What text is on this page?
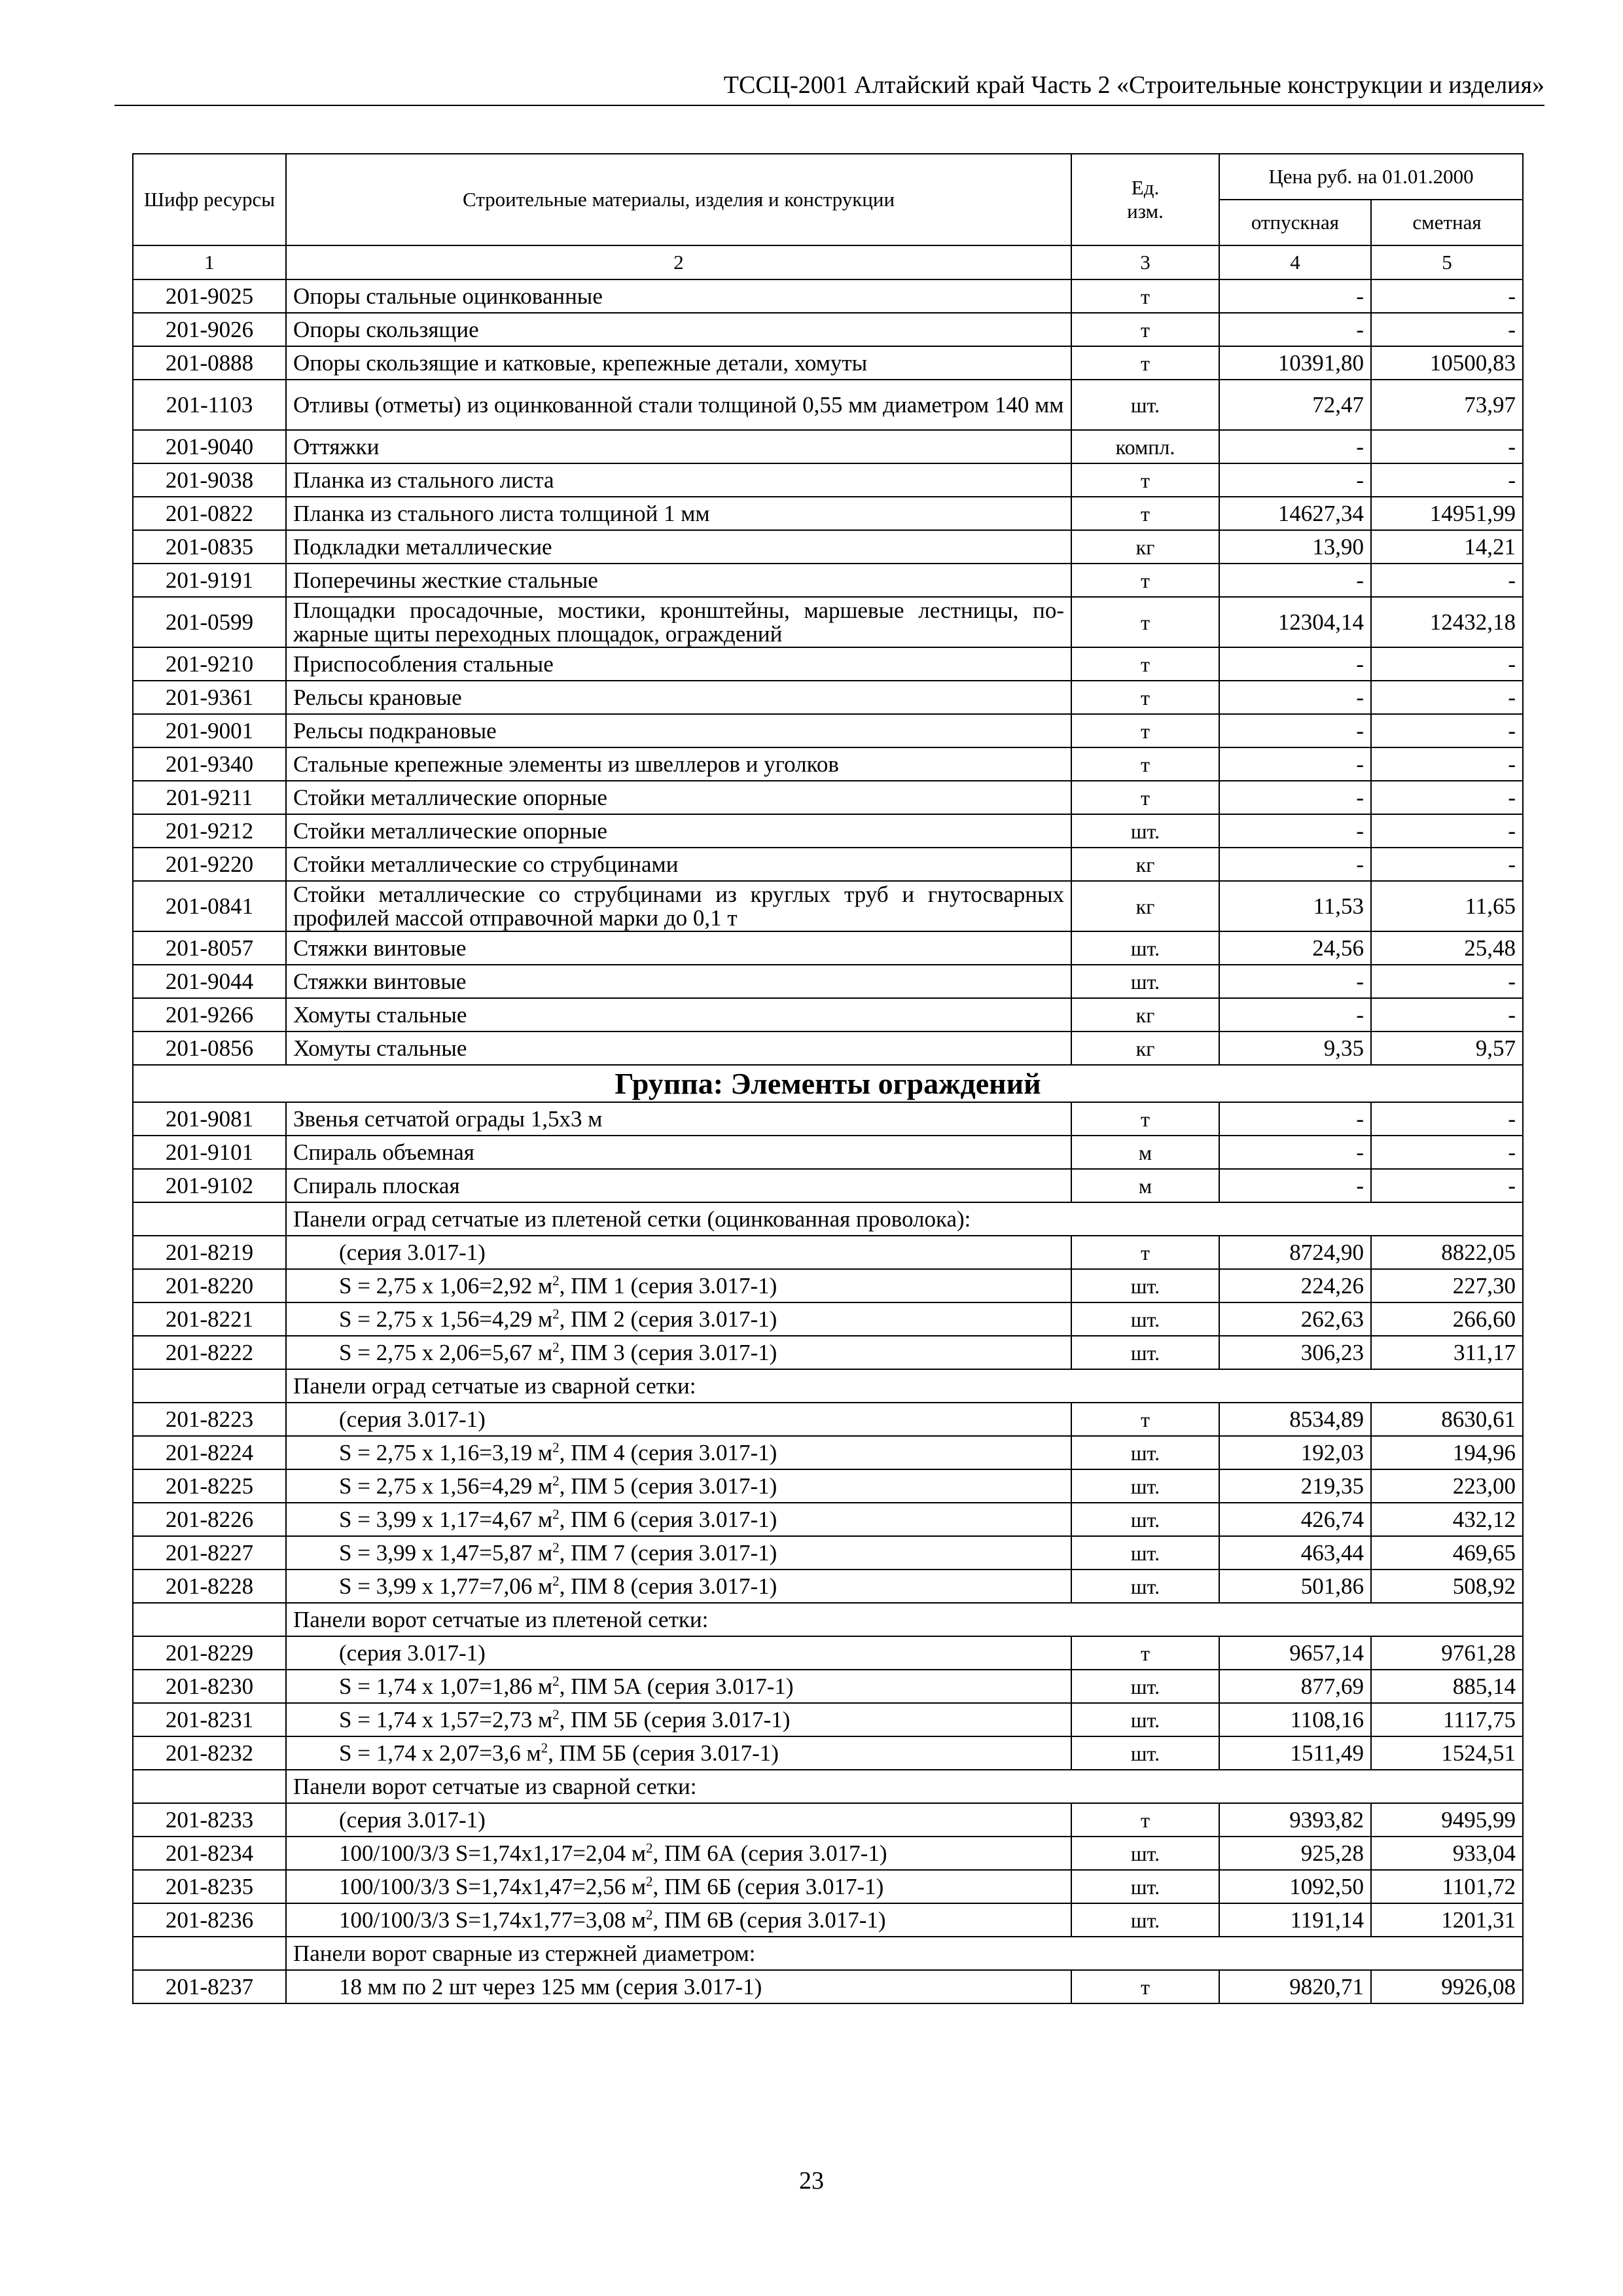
ТССЦ-2001 Алтайский край Часть 2 «Строительные конструкции и изделия»
Шифр ресурсы	Строительные материалы, изделия и конструкции	Ед. изм.	Цена руб. на 01.01.2000	
			отпускная	сметная
1	2	3	4	5
201-9025	Опоры стальные оцинкованные	т	-	-
201-9026	Опоры скользящие	т	-	-
201-0888	Опоры скользящие и катковые, крепежные детали, хомуты	т	10391,80	10500,83
201-1103	Отливы (отметы) из оцинкованной стали толщиной 0,55 мм диаметром 140 мм	шт.	72,47	73,97
201-9040	Оттяжки	компл.	-	-
201-9038	Планка из стального листа	т	-	-
201-0822	Планка из стального листа толщиной 1 мм	т	14627,34	14951,99
201-0835	Подкладки металлические	кг	13,90	14,21
201-9191	Поперечины жесткие стальные	т	-	-
201-0599	Площадки просадочные, мостики, кронштейны, маршевые лестницы, по-жарные щиты переходных площадок, ограждений	т	12304,14	12432,18
201-9210	Приспособления стальные	т	-	-
201-9361	Рельсы крановые	т	-	-
201-9001	Рельсы подкрановые	т	-	-
201-9340	Стальные крепежные элементы из швеллеров и уголков	т	-	-
201-9211	Стойки металлические опорные	т	-	-
201-9212	Стойки металлические опорные	шт.	-	-
201-9220	Стойки металлические со струбцинами	кг	-	-
201-0841	Стойки металлические со струбцинами из круглых труб и гнутосварных профилей массой отправочной марки до 0,1 т	кг	11,53	11,65
201-8057	Стяжки винтовые	шт.	24,56	25,48
201-9044	Стяжки винтовые	шт.	-	-
201-9266	Хомуты стальные	кг	-	-
201-0856	Хомуты стальные	кг	9,35	9,57
Группа: Элементы ограждений				
201-9081	Звенья сетчатой ограды 1,5х3 м	т	-	-
201-9101	Спираль объемная	м	-	-
201-9102	Спираль плоская	м	-	-
	Панели оград сетчатые из плетеной сетки (оцинкованная проволока):			
201-8219	(серия 3.017-1)	т	8724,90	8822,05
201-8220	S = 2,75 х 1,06=2,92 $м^2$, ПМ 1 (серия 3.017-1)	шт.	224,26	227,30
201-8221	S = 2,75 х 1,56=4,29 $м^2$, ПМ 2 (серия 3.017-1)	шт.	262,63	266,60
201-8222	S = 2,75 х 2,06=5,67 $м^2$, ПМ 3 (серия 3.017-1)	шт.	306,23	311,17
	Панели оград сетчатые из сварной сетки:			
201-8223	(серия 3.017-1)	т	8534,89	8630,61
201-8224	S = 2,75 х 1,16=3,19 $м^2$, ПМ 4 (серия 3.017-1)	шт.	192,03	194,96
201-8225	S = 2,75 х 1,56=4,29 $м^2$, ПМ 5 (серия 3.017-1)	шт.	219,35	223,00
201-8226	S = 3,99 х 1,17=4,67 $м^2$, ПМ 6 (серия 3.017-1)	шт.	426,74	432,12
201-8227	S = 3,99 х 1,47=5,87 $м^2$, ПМ 7 (серия 3.017-1)	шт.	463,44	469,65
201-8228	S = 3,99 х 1,77=7,06 $м^2$, ПМ 8 (серия 3.017-1)	шт.	501,86	508,92
	Панели ворот сетчатые из плетеной сетки:			
201-8229	(серия 3.017-1)	т	9657,14	9761,28
201-8230	S = 1,74 х 1,07=1,86 $м^2$, ПМ 5А (серия 3.017-1)	шт.	877,69	885,14
201-8231	S = 1,74 х 1,57=2,73 $м^2$, ПМ 5Б (серия 3.017-1)	шт.	1108,16	1117,75
201-8232	S = 1,74 х 2,07=3,6 $м^2$, ПМ 5Б (серия 3.017-1)	шт.	1511,49	1524,51
	Панели ворот сетчатые из сварной сетки:			
201-8233	(серия 3.017-1)	т	9393,82	9495,99
201-8234	100/100/3/3 S=1,74х1,17=2,04 $м^2$, ПМ 6А (серия 3.017-1)	шт.	925,28	933,04
201-8235	100/100/3/3 S=1,74х1,47=2,56 $м^2$, ПМ 6Б (серия 3.017-1)	шт.	1092,50	1101,72
201-8236	100/100/3/3 S=1,74х1,77=3,08 $м^2$, ПМ 6В (серия 3.017-1)	шт.	1191,14	1201,31
	Панели ворот сварные из стержней диаметром:			
201-8237	18 мм по 2 шт через 125 мм (серия 3.017-1)	т	9820,71	9926,08
23
